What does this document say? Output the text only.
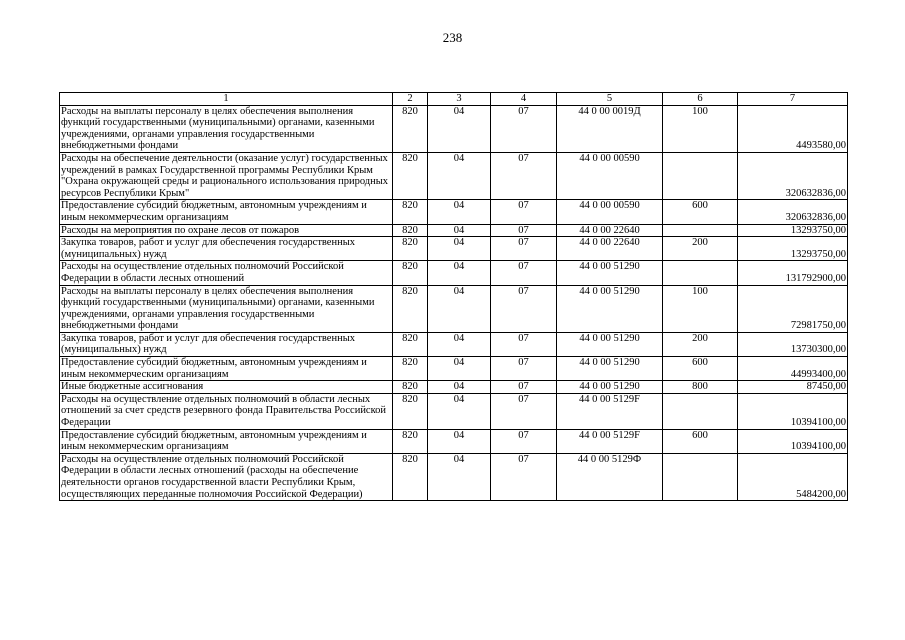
238
1	2	3	4	5	6	7
Расходы на выплаты персоналу в целях обеспечения выполнения функций государственными (муниципальными) органами, казенными учреждениями, органами управления государственными внебюджетными фондами	820	04	07	44 0 00 0019Д	100	4493580,00
Расходы на обеспечение деятельности (оказание услуг) государственных учреждений в рамках Государственной программы Республики Крым "Охрана окружающей среды и рационального использования природных ресурсов Республики Крым"	820	04	07	44 0 00 00590		320632836,00
Предоставление субсидий бюджетным, автономным учреждениям и иным некоммерческим организациям	820	04	07	44 0 00 00590	600	320632836,00
Расходы на мероприятия по охране лесов от пожаров	820	04	07	44 0 00 22640		13293750,00
Закупка товаров, работ и услуг для обеспечения государственных (муниципальных) нужд	820	04	07	44 0 00 22640	200	13293750,00
Расходы на осуществление отдельных полномочий Российской Федерации в области лесных отношений	820	04	07	44 0 00 51290		131792900,00
Расходы на выплаты персоналу в целях обеспечения выполнения функций государственными (муниципальными) органами, казенными учреждениями, органами управления государственными внебюджетными фондами	820	04	07	44 0 00 51290	100	72981750,00
Закупка товаров, работ и услуг для обеспечения государственных (муниципальных) нужд	820	04	07	44 0 00 51290	200	13730300,00
Предоставление субсидий бюджетным, автономным учреждениям и иным некоммерческим организациям	820	04	07	44 0 00 51290	600	44993400,00
Иные бюджетные ассигнования	820	04	07	44 0 00 51290	800	87450,00
Расходы на осуществление отдельных полномочий в области лесных отношений за счет средств резервного фонда Правительства Российской Федерации	820	04	07	44 0 00 5129F		10394100,00
Предоставление субсидий бюджетным, автономным учреждениям и иным некоммерческим организациям	820	04	07	44 0 00 5129F	600	10394100,00
Расходы на осуществление отдельных полномочий Российской Федерации в области лесных отношений (расходы на обеспечение деятельности органов государственной власти Республики Крым, осуществляющих переданные полномочия Российской Федерации)	820	04	07	44 0 00 5129Ф		5484200,00
